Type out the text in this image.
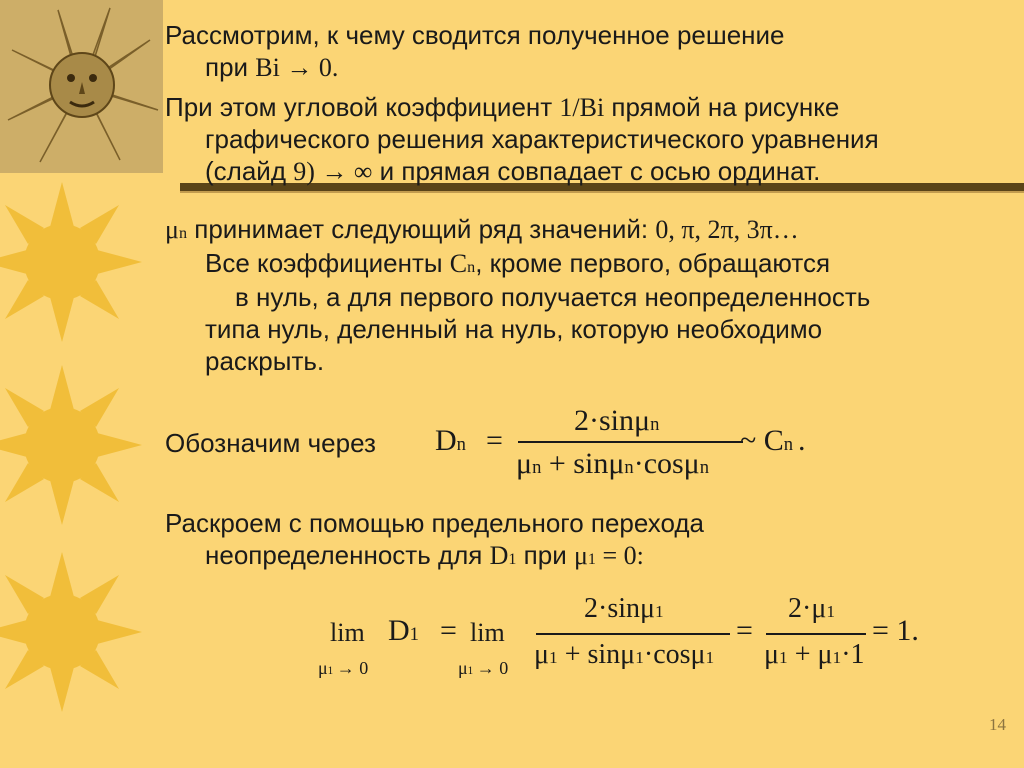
Рассмотрим, к чему сводится полученное решение
при Bi → 0.
При этом угловой коэффициент 1/Bi прямой на рисунке
графического решения характеристического уравнения
(слайд 9) → ∞ и прямая совпадает с осью ординат.
μn принимает следующий ряд значений: 0, π, 2π, 3π…
Все коэффициенты Cn, кроме первого, обращаются
в нуль, а для первого получается неопределенность
типа нуль, деленный на нуль, которую необходимо
раскрыть.
Обозначим через Dn =
2·sinμn
μn + sinμn·cosμn
~ Cn .
Раскроем с помощью предельного перехода
неопределенность для D1 при μ1 = 0:
lim
μ1 → 0
D1 = lim
μ1 → 0
2·sinμ1
μ1 + sinμ1·cosμ1
=
2·μ1
μ1 + μ1·1
= 1.
14
